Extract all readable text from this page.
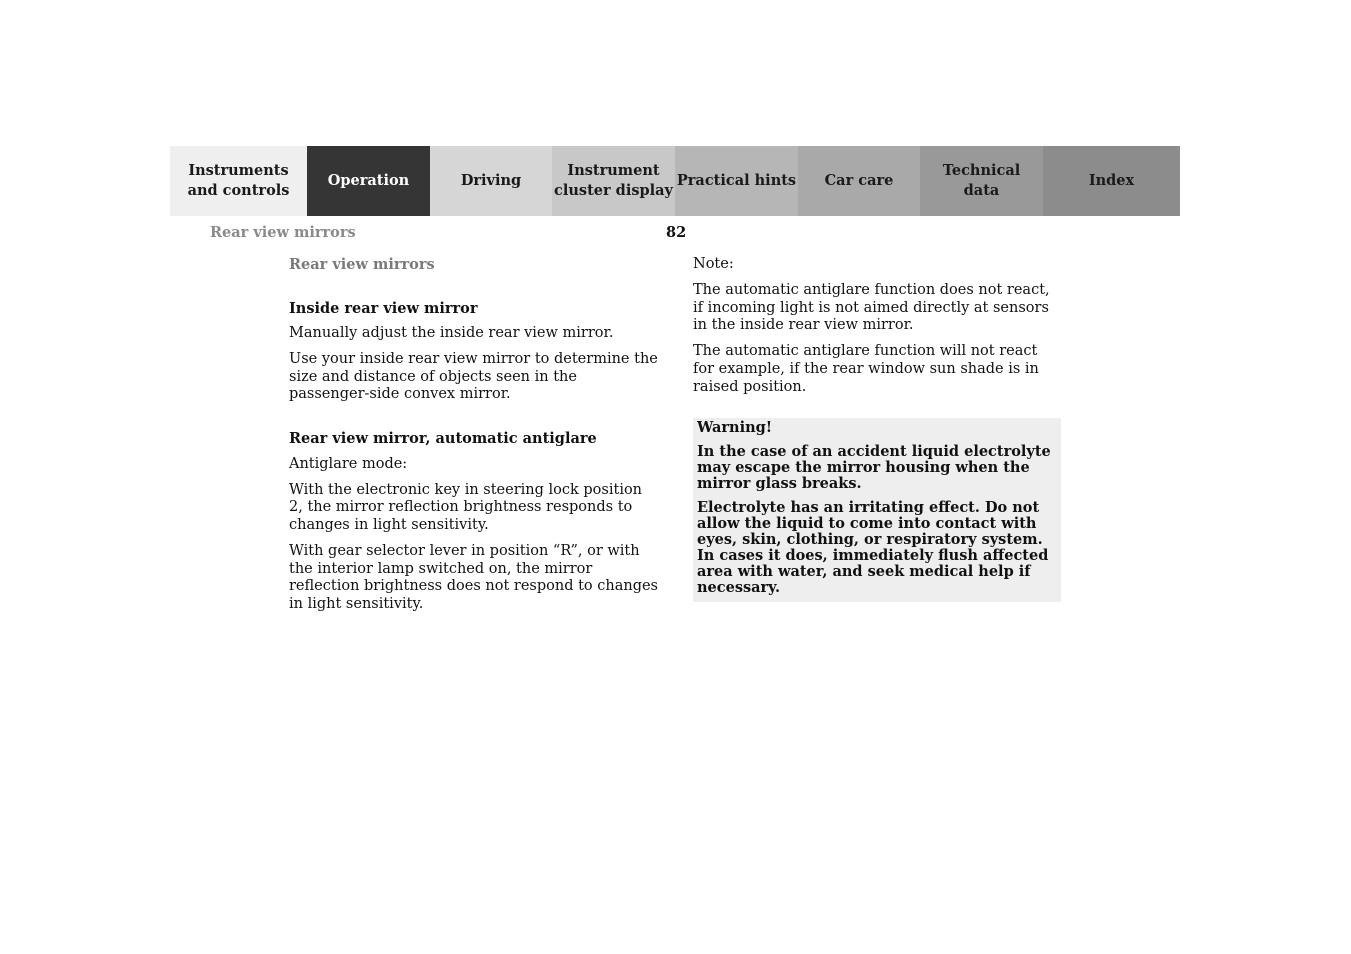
Instruments
and controls
Operation	Driving
Instrument
cluster display
Practical hints Car care
Technical
data
Index
Rear view mirrors	82

Rear view mirrors

Inside rear view mirror

Manually adjust the inside rear view mirror.

Use your inside rear view mirror to determine the size and distance of objects seen in the passenger-side convex mirror.

Rear view mirror, automatic antiglare

Antiglare mode:

With the electronic key in steering lock position 2, the mirror reflection brightness responds to changes in light sensitivity.

With gear selector lever in position “R”, or with the interior lamp switched on, the mirror reflection brightness does not respond to changes in light sensitivity.

Note:

The automatic antiglare function does not react, if incoming light is not aimed directly at sensors in the inside rear view mirror.

The automatic antiglare function will not react for example, if the rear window sun shade is in raised position.

Warning!

In the case of an accident liquid electrolyte may escape the mirror housing when the mirror glass breaks.

Electrolyte has an irritating effect. Do not allow the liquid to come into contact with eyes, skin, clothing, or respiratory system. In cases it does, immediately flush affected area with water, and seek medical help if necessary.
